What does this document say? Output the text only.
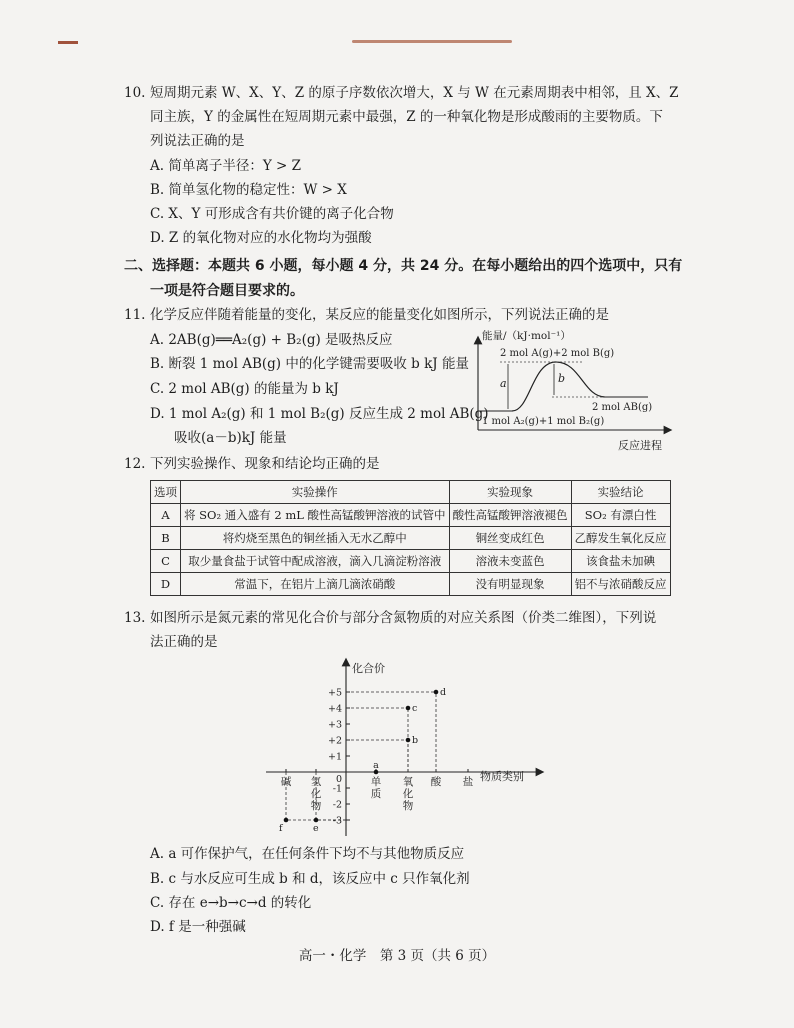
10. 短周期元素 W、X、Y、Z 的原子序数依次增大，X 与 W 在元素周期表中相邻，且 X、Z
同主族，Y 的金属性在短周期元素中最强，Z 的一种氧化物是形成酸雨的主要物质。下
列说法正确的是
A. 简单离子半径：Y > Z
B. 简单氢化物的稳定性：W > X
C. X、Y 可形成含有共价键的离子化合物
D. Z 的氧化物对应的水化物均为强酸
二、选择题：本题共 6 小题，每小题 4 分，共 24 分。在每小题给出的四个选项中，只有
一项是符合题目要求的。
11. 化学反应伴随着能量的变化，某反应的能量变化如图所示，下列说法正确的是
A. 2AB(g)══A₂(g) + B₂(g) 是吸热反应
B. 断裂 1 mol AB(g) 中的化学键需要吸收 b kJ 能量
C. 2 mol AB(g) 的能量为 b kJ
D. 1 mol A₂(g) 和 1 mol B₂(g) 反应生成 2 mol AB(g)
吸收(a－b)kJ 能量
能量/（kJ·mol⁻¹）
反应进程
a	b
2 mol A(g)+2 mol B(g)
2 mol AB(g)
1 mol A₂(g)+1 mol B₂(g)
12. 下列实验操作、现象和结论均正确的是
选项	实验操作	实验现象	实验结论
A	将 SO₂ 通入盛有 2 mL 酸性高锰酸钾溶液的试管中	酸性高锰酸钾溶液褪色	SO₂ 有漂白性
B	将灼烧至黑色的铜丝插入无水乙醇中	铜丝变成红色	乙醇发生氧化反应
C	取少量食盐于试管中配成溶液，滴入几滴淀粉溶液	溶液未变蓝色	该食盐未加碘
D	常温下，在铝片上滴几滴浓硝酸	没有明显现象	铝不与浓硝酸反应
13. 如图所示是氮元素的常见化合价与部分含氮物质的对应关系图（价类二维图），下列说
法正确的是
化合价
物质类别
+5
+4
+3
+2
+1
0
-1
-2
-3
碱 氢化物
单质
氧化物
酸 盐
a
b
c
d
e
f
A. a 可作保护气，在任何条件下均不与其他物质反应
B. c 与水反应可生成 b 和 d，该反应中 c 只作氧化剂
C. 存在 e→b→c→d 的转化
D. f 是一种强碱
高一・化学　第 3 页（共 6 页）
